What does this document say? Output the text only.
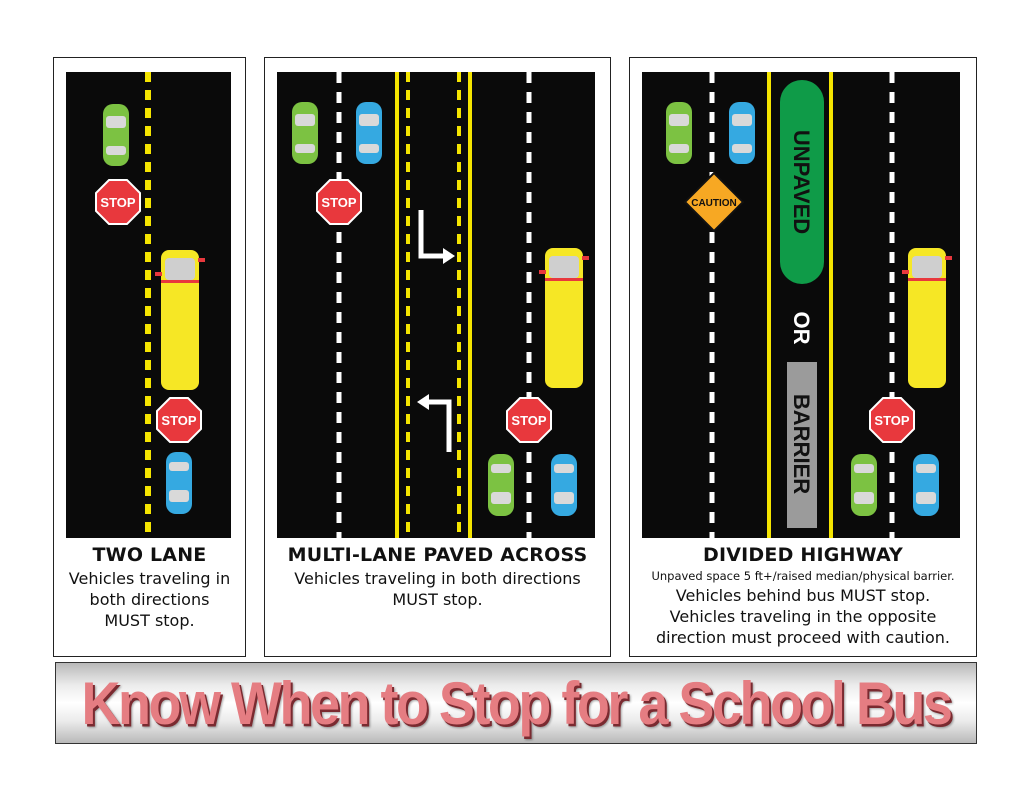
STOP
STOP
TWO LANE
Vehicles traveling in
both directions
MUST stop.
STOP
STOP
MULTI-LANE PAVED ACROSS
Vehicles traveling in both directions
MUST stop.
UNPAVED
OR
BARRIER
CAUTION
STOP
DIVIDED HIGHWAY
Unpaved space 5 ft+/raised median/physical barrier.
Vehicles behind bus MUST stop.
Vehicles traveling in the opposite
direction must proceed with caution.
Know When to Stop for a School Bus
